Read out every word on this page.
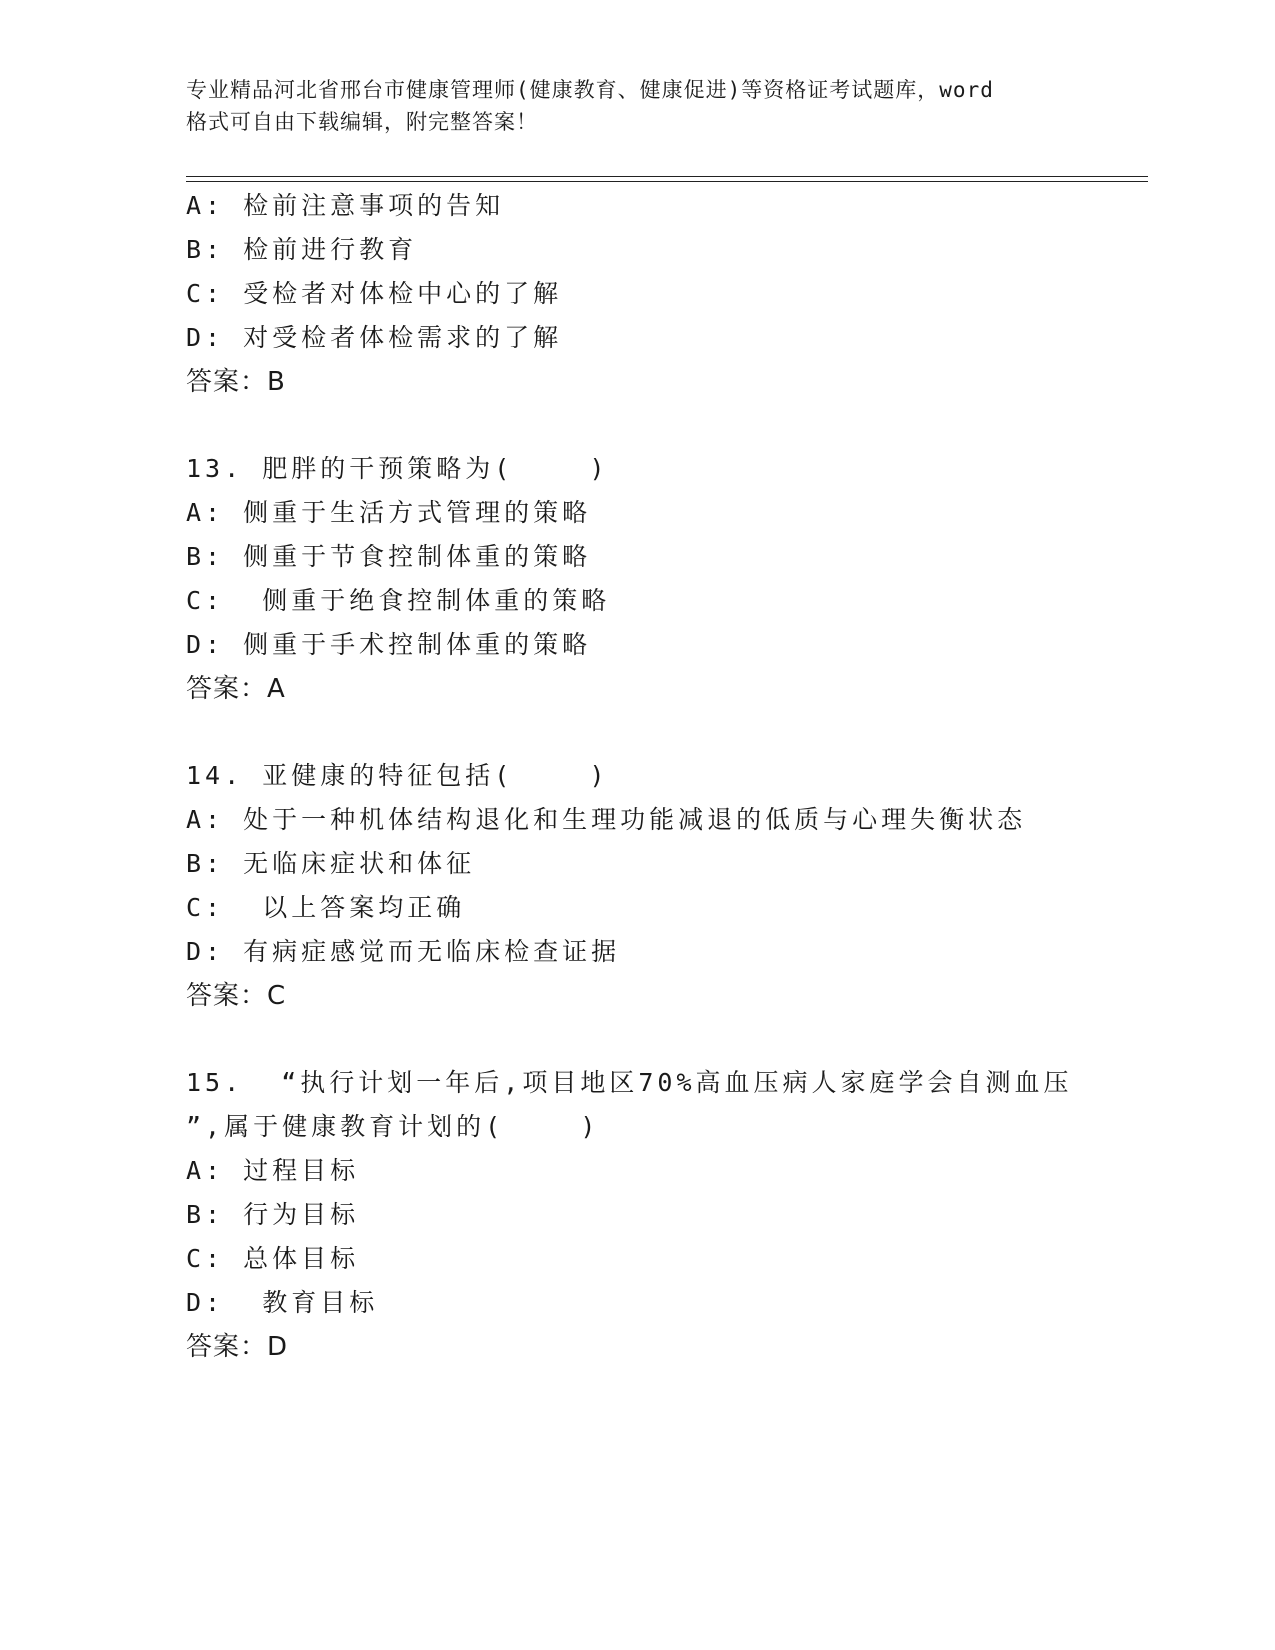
专业精品河北省邢台市健康管理师(健康教育、健康促进)等资格证考试题库，word
格式可自由下载编辑，附完整答案！
A: 检前注意事项的告知
B: 检前进行教育
C: 受检者对体检中心的了解
D: 对受检者体检需求的了解
答案：B
13. 肥胖的干预策略为(    )
A: 侧重于生活方式管理的策略
B: 侧重于节食控制体重的策略
C:  侧重于绝食控制体重的策略
D: 侧重于手术控制体重的策略
答案：A
14. 亚健康的特征包括(    )
A: 处于一种机体结构退化和生理功能减退的低质与心理失衡状态
B: 无临床症状和体征
C:  以上答案均正确
D: 有病症感觉而无临床检查证据
答案：C
15.  “执行计划一年后,项目地区70%高血压病人家庭学会自测血压
”,属于健康教育计划的(    )
A: 过程目标
B: 行为目标
C: 总体目标
D:  教育目标
答案：D
